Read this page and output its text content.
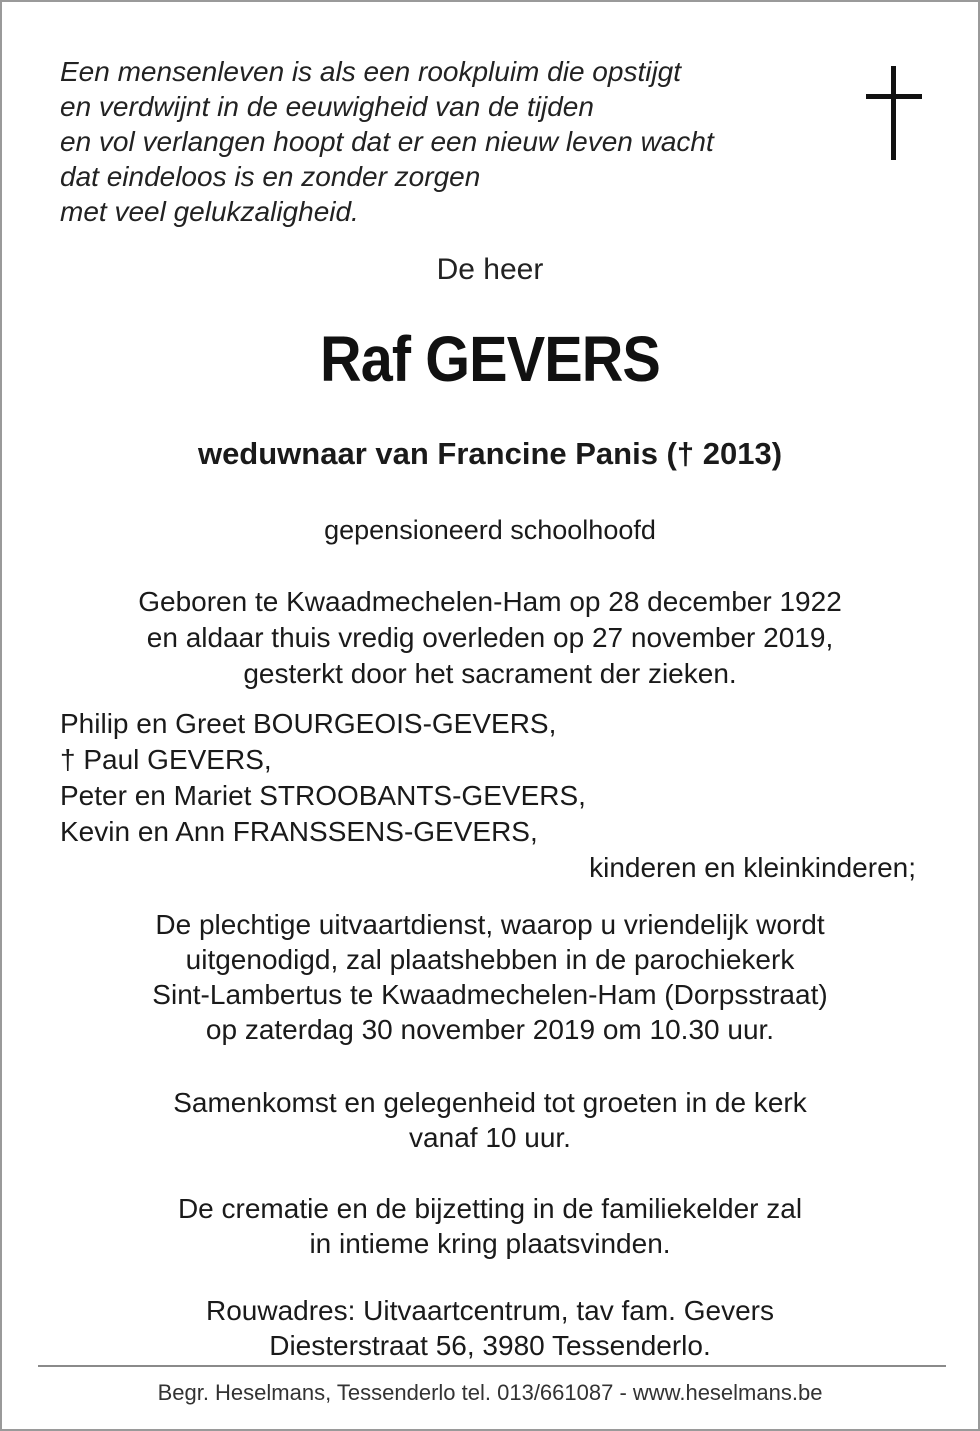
Een mensenleven is als een rookpluim die opstijgt
en verdwijnt in de eeuwigheid van de tijden
en vol verlangen hoopt dat er een nieuw leven wacht
dat eindeloos is en zonder zorgen
met veel gelukzaligheid.
De heer
Raf GEVERS
weduwnaar van Francine Panis († 2013)
gepensioneerd schoolhoofd
Geboren te Kwaadmechelen-Ham op 28 december 1922
en aldaar thuis vredig overleden op 27 november 2019,
gesterkt door het sacrament der zieken.
Philip en Greet BOURGEOIS-GEVERS,
† Paul GEVERS,
Peter en Mariet STROOBANTS-GEVERS,
Kevin en Ann FRANSSENS-GEVERS,
kinderen en kleinkinderen;
De plechtige uitvaartdienst, waarop u vriendelijk wordt
uitgenodigd, zal plaatshebben in de parochiekerk
Sint-Lambertus te Kwaadmechelen-Ham (Dorpsstraat)
op zaterdag 30 november 2019 om 10.30 uur.
Samenkomst en gelegenheid tot groeten in de kerk
vanaf 10 uur.
De crematie en de bijzetting in de familiekelder zal
in intieme kring plaatsvinden.
Rouwadres: Uitvaartcentrum, tav fam. Gevers
Diesterstraat 56, 3980 Tessenderlo.
Begr. Heselmans, Tessenderlo tel. 013/661087 - www.heselmans.be
